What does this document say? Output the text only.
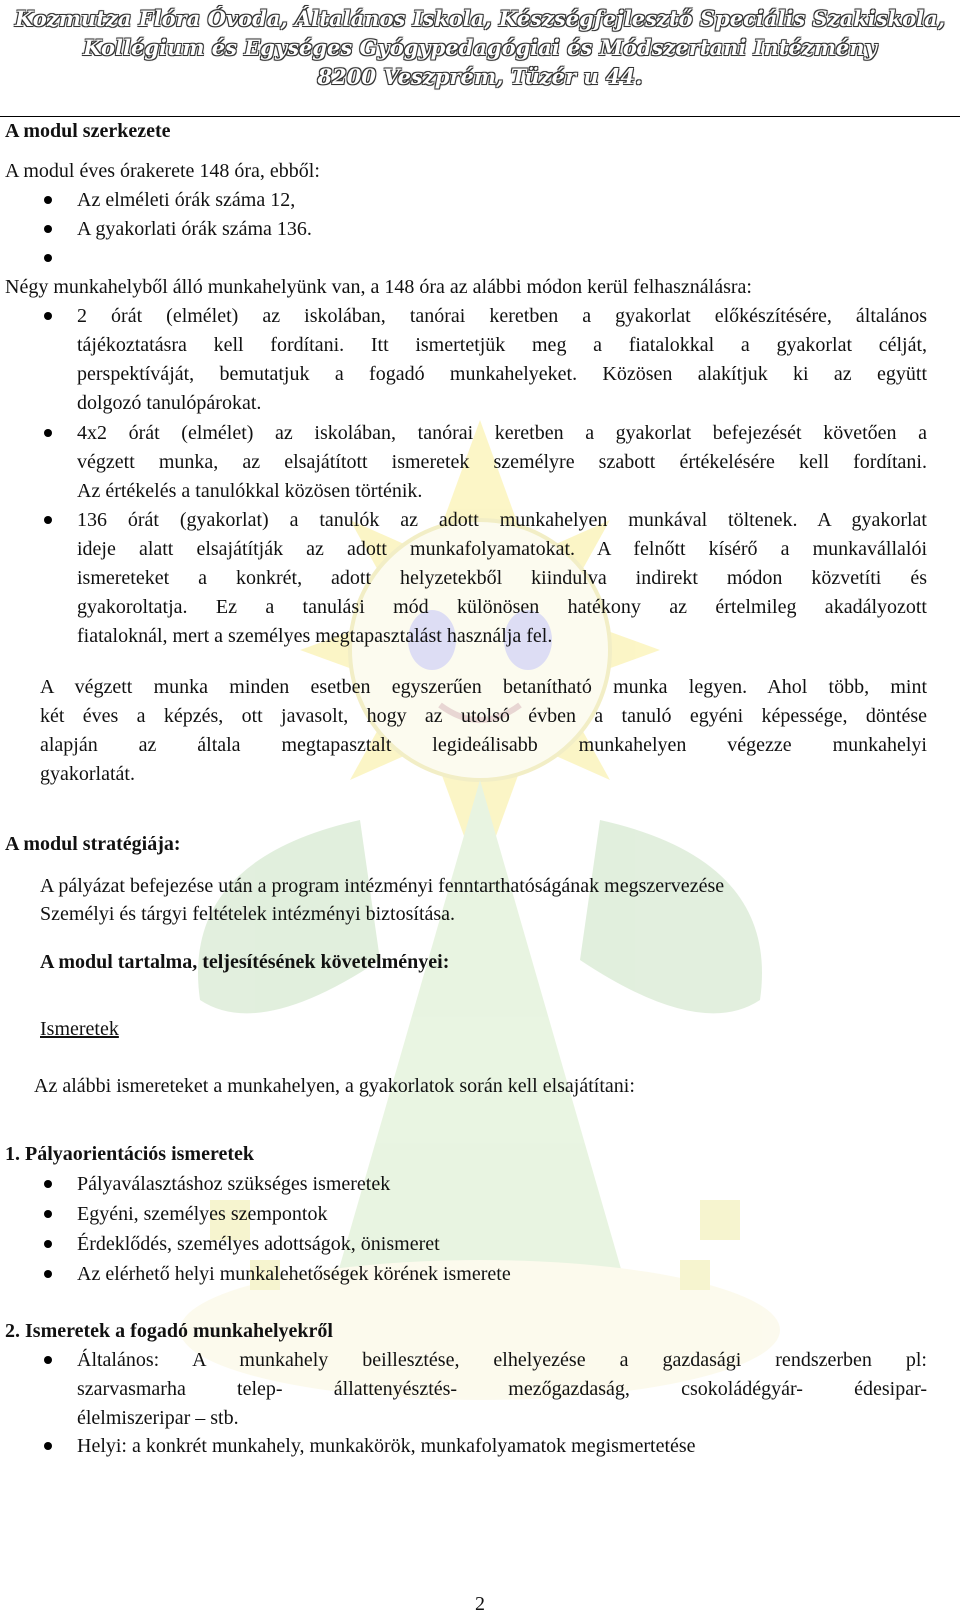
Kozmutza Flóra Óvoda, Általános Iskola, Készségfejlesztő Speciális Szakiskola,
Kollégium és Egységes Gyógypedagógiai és Módszertani Intézmény
8200 Veszprém, Tüzér u 44.
A modul szerkezete
A modul éves órakerete 148 óra, ebből:
Az elméleti órák száma 12,
A gyakorlati órák száma 136.
Négy munkahelyből álló munkahelyünk van, a 148 óra az alábbi módon kerül felhasználásra:
2 órát (elmélet) az iskolában, tanórai keretben a gyakorlat előkészítésére, általános
tájékoztatásra kell fordítani. Itt ismertetjük meg a fiatalokkal a gyakorlat célját,
perspektíváját, bemutatjuk a fogadó munkahelyeket. Közösen alakítjuk ki az együtt
dolgozó tanulópárokat.
4x2 órát (elmélet) az iskolában, tanórai keretben a gyakorlat befejezését követően a
végzett munka, az elsajátított ismeretek személyre szabott értékelésére kell fordítani.
Az értékelés a tanulókkal közösen történik.
136 órát (gyakorlat) a tanulók az adott munkahelyen munkával töltenek. A gyakorlat
ideje alatt elsajátítják az adott munkafolyamatokat. A felnőtt kísérő a munkavállalói
ismereteket a konkrét, adott helyzetekből kiindulva indirekt módon közvetíti és
gyakoroltatja. Ez a tanulási mód különösen hatékony az értelmileg akadályozott
fiataloknál, mert a személyes megtapasztalást használja fel.
A végzett munka minden esetben egyszerűen betanítható munka legyen. Ahol több, mint
két éves a képzés, ott javasolt, hogy az utolsó évben a tanuló egyéni képessége, döntése
alapján az általa megtapasztalt legideálisabb munkahelyen végezze munkahelyi
gyakorlatát.
A modul stratégiája:
A pályázat befejezése után a program intézményi fenntarthatóságának megszervezése
Személyi és tárgyi feltételek intézményi biztosítása.
A modul tartalma, teljesítésének követelményei:
Ismeretek
Az alábbi ismereteket a munkahelyen, a gyakorlatok során kell elsajátítani:
1. Pályaorientációs ismeretek
Pályaválasztáshoz szükséges ismeretek
Egyéni, személyes szempontok
Érdeklődés, személyes adottságok, önismeret
Az elérhető helyi munkalehetőségek körének ismerete
2. Ismeretek a fogadó munkahelyekről
Általános: A munkahely beillesztése, elhelyezése a gazdasági rendszerben pl:
szarvasmarha telep- állattenyésztés- mezőgazdaság, csokoládégyár- édesipar-
élelmiszeripar – stb.
Helyi: a konkrét munkahely, munkakörök, munkafolyamatok megismertetése
2
